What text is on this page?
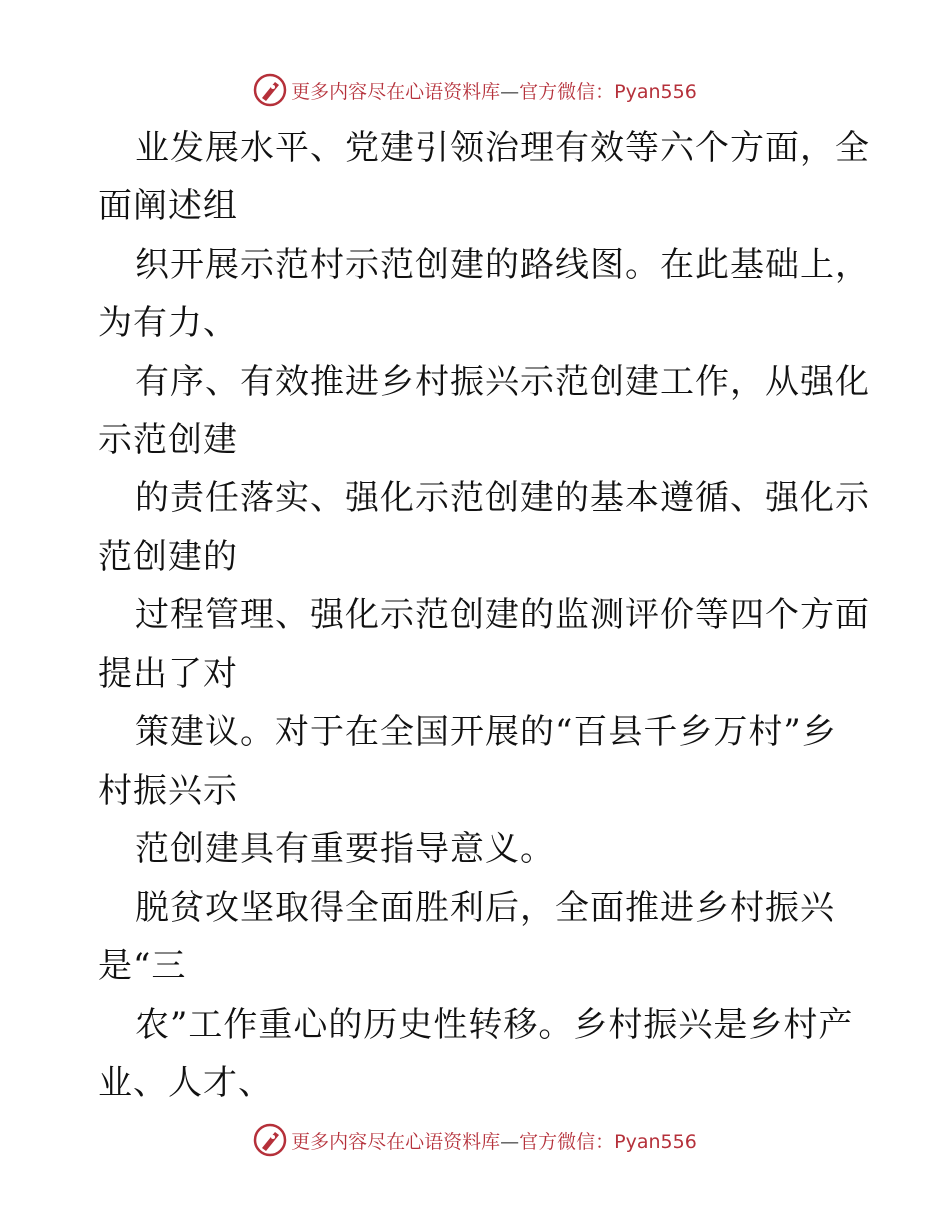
更多内容尽在心语资料库—官方微信：Pyan556
业发展水平、党建引领治理有效等六个方面，全
面阐述组
织开展示范村示范创建的路线图。在此基础上，
为有力、
有序、有效推进乡村振兴示范创建工作，从强化
示范创建
的责任落实、强化示范创建的基本遵循、强化示
范创建的
过程管理、强化示范创建的监测评价等四个方面
提出了对
策建议。对于在全国开展的“百县千乡万村”乡
村振兴示
范创建具有重要指导意义。
脱贫攻坚取得全面胜利后，全面推进乡村振兴
是“三
农”工作重心的历史性转移。乡村振兴是乡村产
业、人才、
更多内容尽在心语资料库—官方微信：Pyan556
